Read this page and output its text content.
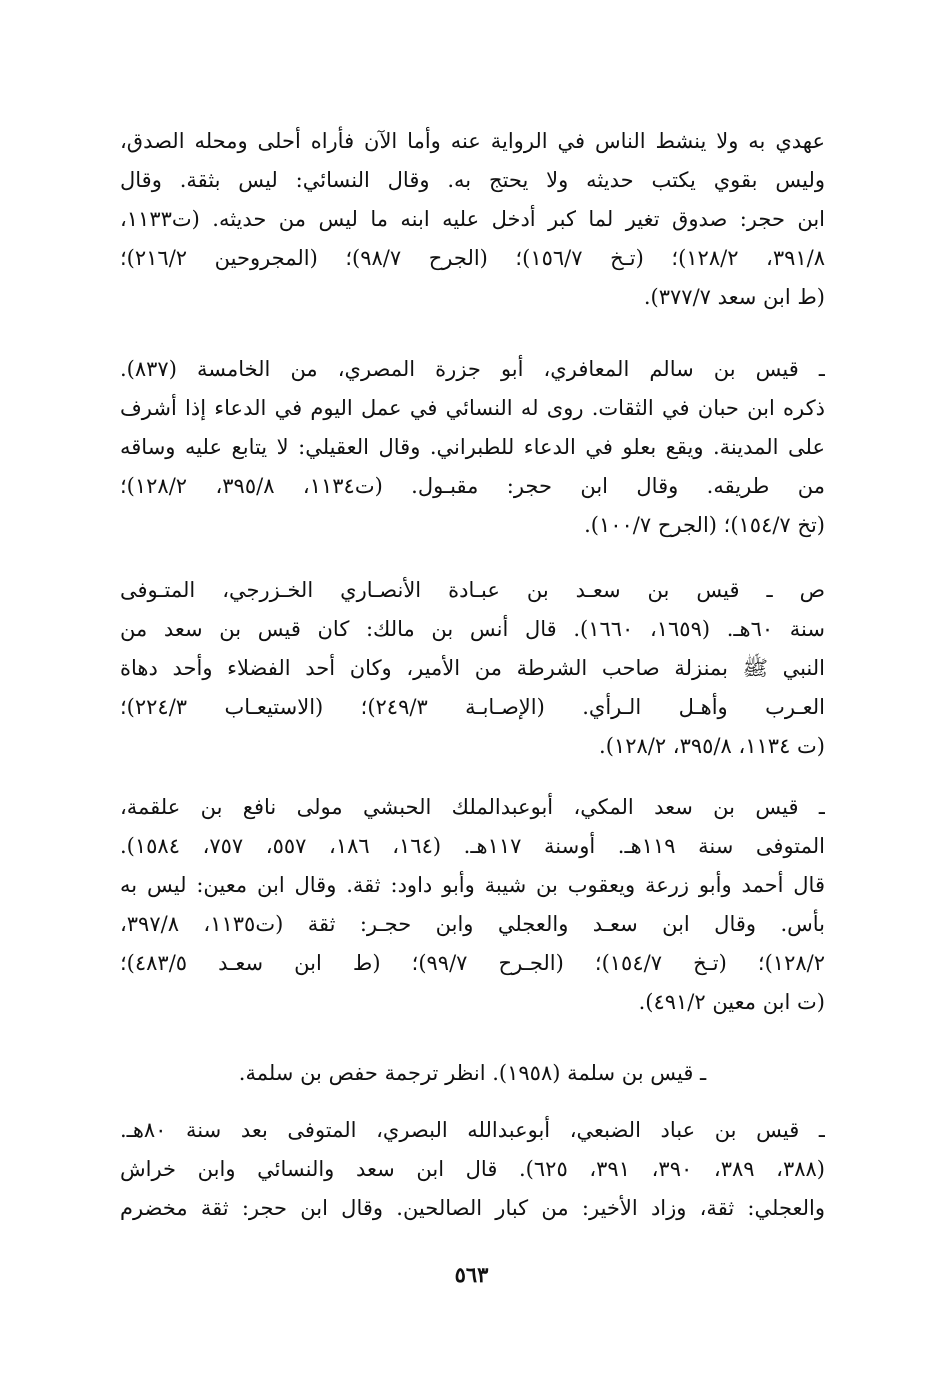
عهدي به ولا ينشط الناس في الرواية عنه وأما الآن فأراه أحلى ومحله الصدق،
وليس بقوي يكتب حديثه ولا يحتج به. وقال النسائي: ليس بثقة. وقال
ابن حجر: صدوق تغير لما كبر أدخل عليه ابنه ما ليس من حديثه. (ت١١٣٣،
٣٩١/٨، ١٢٨/٢)؛ (تـخ ١٥٦/٧)؛ (الجرح ٩٨/٧)؛ (المجروحين ٢١٦/٢)؛
(ط ابن سعد ٣٧٧/٧).
ـ قيس بن سالم المعافري، أبو جزرة المصري، من الخامسة (٨٣٧).
ذكره ابن حبان في الثقات. روى له النسائي في عمل اليوم في الدعاء إذا أشرف
على المدينة. ويقع بعلو في الدعاء للطبراني. وقال العقيلي: لا يتابع عليه وساقه
من طريقه. وقال ابن حجر: مقبـول. (ت١١٣٤، ٣٩٥/٨، ١٢٨/٢)؛
(تخ ١٥٤/٧)؛ (الجرح ١٠٠/٧).
ص ـ قيس بن سعـد بن عبـادة الأنصـاري الخـزرجي، المتـوفى
سنة ٦٠هـ. (١٦٥٩، ١٦٦٠). قال أنس بن مالك: كان قيس بن سعد من
النبي ﷺ بمنزلة صاحب الشرطة من الأمير، وكان أحد الفضلاء وأحد دهاة
العـرب وأهـل الـرأي. (الإصـابـة ٢٤٩/٣)؛ (الاستيعـاب ٢٢٤/٣)؛
(ت ١١٣٤، ٣٩٥/٨، ١٢٨/٢).
ـ قيس بن سعد المكي، أبوعبدالملك الحبشي مولى نافع بن علقمة،
المتوفى سنة ١١٩هـ. أوسنة ١١٧هـ. (١٦٤، ١٨٦، ٥٥٧، ٧٥٧، ١٥٨٤).
قال أحمد وأبو زرعة ويعقوب بن شيبة وأبو داود: ثقة. وقال ابن معين: ليس به
بأس. وقال ابن سعـد والعجلي وابن حجـر: ثقة (ت١١٣٥، ٣٩٧/٨،
١٢٨/٢)؛ (تـخ ١٥٤/٧)؛ (الجـرح ٩٩/٧)؛ (ط ابن سعـد ٤٨٣/٥)؛
(ت ابن معين ٤٩١/٢).
ـ قيس بن سلمة (١٩٥٨). انظر ترجمة حفص بن سلمة.
ـ قيس بن عباد الضبعي، أبوعبدالله البصري، المتوفى بعد سنة ٨٠هـ.
(٣٨٨، ٣٨٩، ٣٩٠، ٣٩١، ٦٢٥). قال ابن سعد والنسائي وابن خراش
والعجلي: ثقة، وزاد الأخير: من كبار الصالحين. وقال ابن حجر: ثقة مخضرم
٥٦٣
